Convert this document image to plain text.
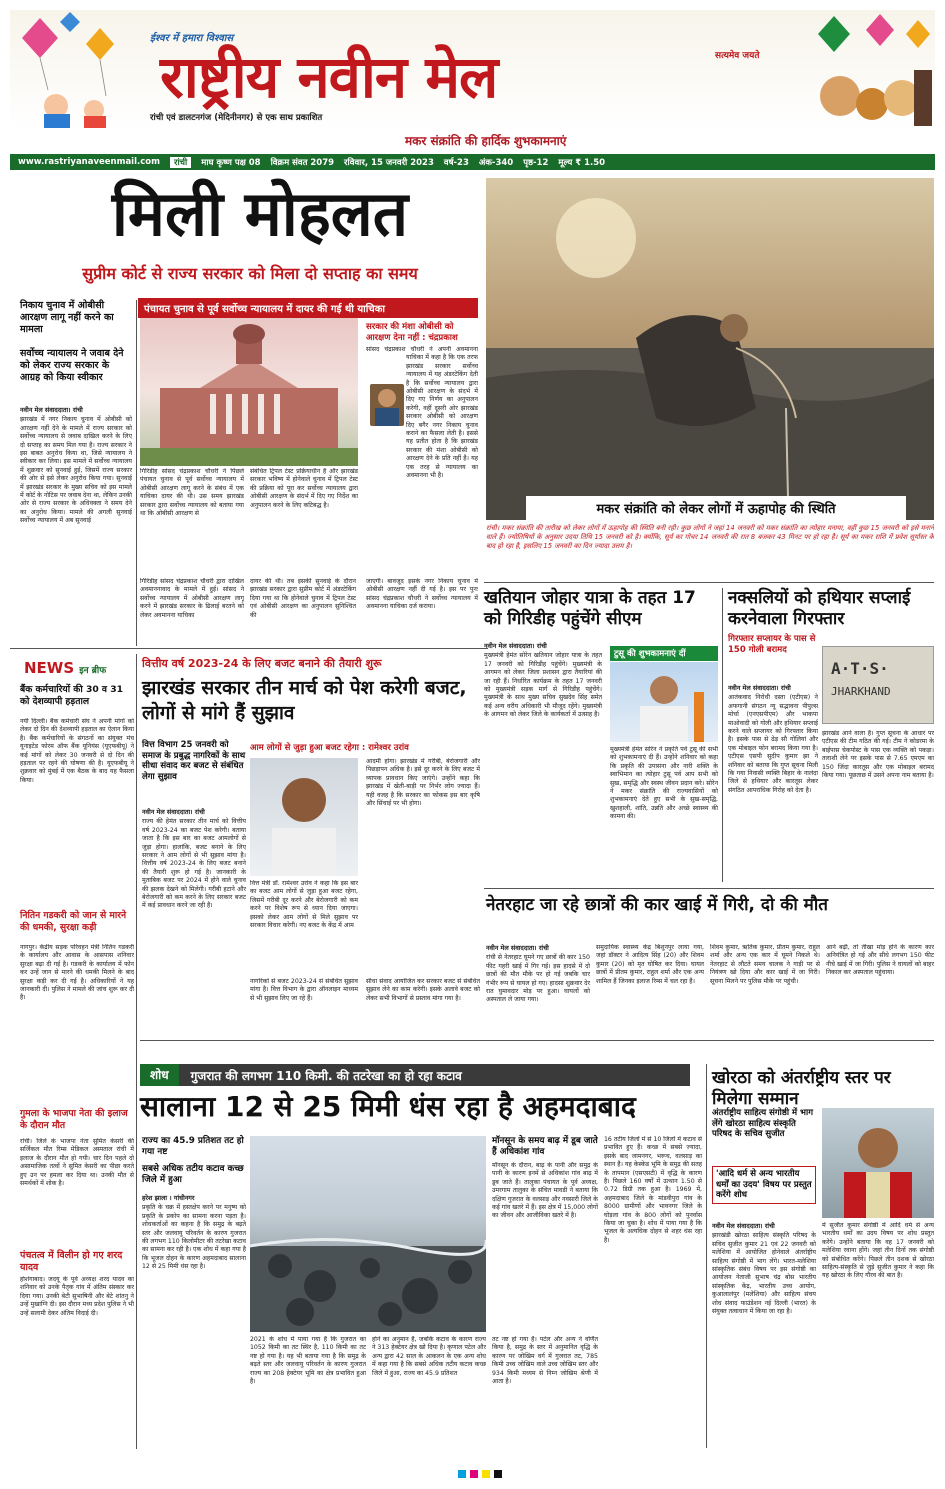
ईश्वर में हमारा विश्वास
राष्ट्रीय नवीन मेल	सत्यमेव जयते
रांची एवं डालटनगंज (मेदिनीनगर) से एक साथ प्रकाशित
मकर संक्रांति की हार्दिक शुभकामनाएं
www.rastriyanaveenmail.com	रांची	माघ कृष्ण पक्ष 08 विक्रम संवत 2079 रविवार, 15 जनवरी 2023 वर्ष-23 अंक-340 पृष्ठ-12 मूल्य ₹ 1.50
मिली मोहलत
सुप्रीम कोर्ट से राज्य सरकार को मिला दो सप्ताह का समय
पंचायत चुनाव से पूर्व सर्वोच्च न्यायालय में दायर की गई थी याचिका
निकाय चुनाव में ओबीसी आरक्षण लागू नहीं करने का मामला
सर्वोच्च न्यायालय ने जवाब देने को लेकर राज्य सरकार के आग्रह को किया स्वीकार
नवीन मेल संवाददाता। रांची
झारखंड में नगर निकाय चुनाव में ओबीसी को आरक्षण नहीं देने के मामले में राज्य सरकार को सर्वोच्च न्यायालय से जवाब दाखिल करने के लिए दो सप्ताह का समय मिल गया है। राज्य सरकार ने इस बाबत अनुरोध किया था, जिसे न्यायालय ने स्वीकार कर लिया। इस मामले में सर्वोच्च न्यायालय में शुक्रवार को सुनवाई हुई, जिसमें राज्य सरकार की ओर से इसे लेकर अनुरोध किया गया। सुनवाई में झारखंड सरकार के मुख्य सचिव को इस मामले में कोर्ट के नोटिस पर जवाब देना था, लेकिन उनकी ओर से राज्य सरकार के अधिवक्ता ने समय देने का अनुरोध किया। मामले की अगली सुनवाई सर्वोच्च न्यायालय में अब सुनवाई
गिरिडीह सांसद चंद्रप्रकाश चौधरी ने पिछले पंचायत चुनाव से पूर्व सर्वोच्च न्यायालय में ओबीसी आरक्षण लागू करने के संबंध में एक याचिका दायर की थी। उस समय झारखंड सरकार द्वारा सर्वोच्च न्यायालय को बताया गया था कि ओबीसी आरक्षण से
संबंधित ट्रिपल टेस्ट प्रक्रियाधीन है और झारखंड सरकार भविष्य में होनेवाले चुनाव में ट्रिपल टेस्ट की प्रक्रिया को पूरा कर सर्वोच्च न्यायालय द्वारा ओबीसी आरक्षण के संदर्भ में दिए गए निर्देश का अनुपालन करने के लिए कटिबद्ध है।
सरकार की मंशा ओबीसी को आरक्षण देना नहीं : चंद्रप्रकाश
सांसद चंद्रप्रकाश चौधरी ने अपनी अवमानना याचिका में कहा है कि एक तरफ झारखंड सरकार सर्वोच्च न्यायालय में यह अंडरटेकिंग देती है कि सर्वोच्च न्यायालय द्वारा ओबीसी आरक्षण के संदर्भ में दिए गए निर्णय का अनुपालन करेगी, वहीं दूसरी ओर झारखंड सरकार ओबीसी को आरक्षण दिए बगैर नगर निकाय चुनाव कराने का फैसला लेती है। इससे यह प्रतीत होता है कि झारखंड सरकार की मंशा ओबीसी को आरक्षण देने के प्रति नहीं है। यह एक तरह से न्यायालय का अवमानना भी है।
गिरिडीह सांसद चंद्रप्रकाश चौधरी द्वारा दाखिल अवमाननावाद के मामले में हुई। सांसद ने सर्वोच्च न्यायालय में ओबीसी आरक्षण लागू करने में झारखंड सरकार के ढिलाई बरतने को लेकर अवमानना याचिका
दायर की थी। तब इसकी सुनवाई के दौरान झारखंड सरकार द्वारा सुप्रीम कोर्ट में अंडरटेकिंग दिया गया था कि होनेवाले चुनाव में ट्रिपल टेस्ट एवं ओबीसी आरक्षण का अनुपालन सुनिश्चित की
जाएगी। बावजूद इसके नगर निकाय चुनाव में ओबीसी आरक्षण नहीं दी गई है। इस पर पुनः सांसद चंद्रप्रकाश चौधरी ने सर्वोच्च न्यायालय में अवमानना याचिका दर्ज कराया।
मकर संक्रांति को लेकर लोगों में ऊहापोह की स्थिति
रांची। मकर संक्रांति की तारीख को लेकर लोगों में ऊहापोह की स्थिति बनी रही। कुछ लोगों ने जहां 14 जनवरी को मकर संक्रांति का त्योहार मनाया, वहीं कुछ 15 जनवरी को इसे मनाने वाले हैं। ज्योतिषियों के अनुसार उदया तिथि 15 जनवरी को है। क्योंकि, सूर्य का गोचर 14 जनवरी की रात 8 बजकर 43 मिनट पर हो रहा है। सूर्य का मकर राशि में प्रवेश सूर्यास्त के बाद हो रहा है, इसलिए 15 जनवरी का दिन ज्यादा उत्तम है।
खतियान जोहार यात्रा के तहत 17 को गिरिडीह पहुंचेंगे सीएम
नवीन मेल संवाददाता। रांची
मुख्यमंत्री हेमंत सोरेन खतियान जोहार यात्रा के तहत 17 जनवरी को गिरिडीह पहुंचेंगे। मुख्यमंत्री के आगमन को लेकर जिला प्रशासन द्वारा तैयारियां की जा रही हैं। निर्धारित कार्यक्रम के तहत 17 जनवरी को मुख्यमंत्री सड़क मार्ग से गिरिडीह पहुंचेंगे। मुख्यमंत्री के साथ मुख्य सचिव सुखदेव सिंह समेत कई अन्य वरीय अधिकारी भी मौजूद रहेंगे। मुख्यमंत्री के आगमन को लेकर जिले के कार्यकर्ता में उत्साह है।
टुसू की शुभकामनाएं दीं
मुख्यमंत्री हेमंत सोरेन ने प्रकृति पर्व टुसू की सभी को शुभकामनाएं दी हैं। उन्होंने शनिवार को कहा कि प्रकृति की उपासना और नारी शक्ति के स्वाभिमान का त्योहार टुसू पर्व आप सभी को सुख, समृद्धि और स्वस्थ जीवन प्रदान करे। सोरेन ने मकर संक्रांति की राज्यवासियों को शुभकामनाएं देते हुए सभी के सुख-समृद्धि, खुशहाली, शांति, उन्नति और अच्छे स्वास्थ्य की कामना की।
नक्सलियों को हथियार सप्लाई करनेवाला गिरफ्तार
गिरफ्तार सप्लायर के पास से 150 गोली बरामद
A·T·S·
JHARKHAND
नवीन मेल संवाददाता। रांची
आतंकवाद निरोधी दस्ता (एटीएस) ने अफगानी संगठन न्यू सद्भावना पीपुल्स मोर्चा (एनएसपीएम) और भाकपा माओवादी को गोली और हथियार सप्लाई करने वाले सप्लायर को गिरफ्तार किया है। इसके पास से ढेड़ सौ गोलियां और एक मोबाइल फोन बरामद किया गया है। एटीएस एसपी सुदीप कुमार झा ने शनिवार को बताया कि गुप्त सूचना मिली कि गया निवासी व्यक्ति बिहार के नालंदा जिले से हथियार और कारतूस लेकर संगठित आपराधिक गिरोह को देता है।
झारखंड आने वाला है। गुप्त सूचना के आधार पर एटीएस की टीम गठित की गई। टीम ने कोडरमा के बाईपास चेकपोस्ट के पास एक व्यक्ति को पकड़ा। तलाशी लेने पर इसके पास से 7.65 एमएम का 150 जिंदा कारतूस और एक मोबाइल बरामद किया गया। पूछताछ में उसने अपना नाम बताया है।
NEWS इन ब्रीफ
बैंक कर्मचारियों की 30 व 31 को देशव्यापी हड़ताल
नयी दिल्ली। बैंक कर्मचारी संघ ने अपनी मांगों को लेकर दो दिन की देशव्यापी हड़ताल का ऐलान किया है। बैंक कर्मचारियों के संगठनों का संयुक्त मंच यूनाइटेड फोरम ऑफ बैंक यूनियंस (यूएफबीयू) ने कई मांगों को लेकर 30 जनवरी से दो दिन की हड़ताल पर रहने की घोषणा की है। यूएफबीयू ने शुक्रवार को मुंबई में एक बैठक के बाद यह फैसला किया।
नितिन गडकरी को जान से मारने की धमकी, सुरक्षा कड़ी
नागपुर। केंद्रीय सड़क परिवहन मंत्री नितिन गडकरी के कार्यालय और आवास के आसपास शनिवार सुरक्षा बढ़ा दी गई है। गडकरी के कार्यालय में फोन कर उन्हें जान से मारने की धमकी मिलने के बाद सुरक्षा कड़ी कर दी गई है। अधिकारियों ने यह जानकारी दी। पुलिस ने मामले की जांच शुरू कर दी है।
गुमला के भाजपा नेता की इलाज के दौरान मौत
रांची। जिले के भाजपा नेता सुमित केसरी की सर्जिकल मौत रिम्स मेडिकल अस्पताल रांची में इलाज के दौरान मौत हो गयी। चार दिन पहले दो असामाजिक तत्वों ने सुमित केसरी का पीछा करते हुए उन पर हमला कर दिया था। उनकी मौत से समर्थकों में शोक है।
पंचतत्व में विलीन हो गए शरद यादव
होशंगाबाद। जदयू के पूर्व अध्यक्ष शरद यादव का शनिवार को उनके पैतृक गांव में अंतिम संस्कार कर दिया गया। उनकी बेटी सुभाषिनी और बेटे शांतनु ने उन्हें मुखाग्नि दी। इस दौरान मध्य प्रदेश पुलिस ने भी उन्हें सलामी देकर अंतिम विदाई दी।
वित्तीय वर्ष 2023-24 के लिए बजट बनाने की तैयारी शुरू
झारखंड सरकार तीन मार्च को पेश करेगी बजट, लोगों से मांगे हैं सुझाव
वित्त विभाग 25 जनवरी को समाज के प्रबुद्ध नागरिकों के साथ सीधा संवाद कर बजट से संबंधित लेगा सुझाव
आम लोगों से जुड़ा हुआ बजट रहेगा : रामेश्वर उरांव
नवीन मेल संवाददाता। रांची
राज्य की हेमंत सरकार तीन मार्च को वित्तीय वर्ष 2023-24 का बजट पेश करेगी। बताया जाता है कि इस बार का बजट आमलोगों से जुड़ा होगा। हालांकि, बजट बनाने के लिए सरकार ने आम लोगों से भी सुझाव मांगा है। वित्तीय वर्ष 2023-24 के लिए बजट बनाने की तैयारी शुरू हो गई है। जानकारी के मुताबिक बजट पर 2024 में होने वाले चुनाव की झलक देखने को मिलेगी। गरीबी हटाने और बेरोजगारी को कम करने के लिए सरकार बजट में कई प्रावधान करने जा रही है।
वित्त मंत्री डॉ. रामेश्वर उरांव ने कहा कि इस बार का बजट आम लोगों से जुड़ा हुआ बजट रहेगा, जिसमें गरीबी दूर करने और बेरोजगारी को कम करने पर विशेष रूप से ध्यान दिया जाएगा। इसको लेकर आम लोगों से मिले सुझाव पर सरकार विचार करेगी। नए बजट के केंद्र में आम
आदमी होगा। झारखंड में गरीबी, बेरोजगारी और पिछड़ापन अधिक है। इसे दूर करने के लिए बजट में व्यापक प्रावधान किए जाएंगे। उन्होंने कहा कि झारखंड में खेती-बाड़ी पर निर्भर लोग ज्यादा हैं। यही वजह है कि सरकार का फोकस इस बार कृषि और सिंचाई पर भी होगा।
नागरिकों से बजट 2023-24 से संबंधित सुझाव मांगा है। वित्त विभाग के द्वारा ऑनलाइन माध्यम से भी सुझाव लिए जा रहे हैं।
सीधा संवाद आयोजित कर सरकार बजट से संबंधित सुझाव लेने का काम करेगी। इसके अलावे बजट को लेकर सभी विभागों से प्रस्ताव मांगा गया है।
नेतरहाट जा रहे छात्रों की कार खाई में गिरी, दो की मौत
नवीन मेल संवाददाता। रांची
रांची से नेतरहाट घूमने गए छात्रों की कार 150 फीट गहरी खाई में गिर गई। इस हादसे में दो छात्रों की मौत मौके पर हो गई जबकि चार गंभीर रूप से घायल हो गए। हादसा शुक्रवार देर रात घुमावदार मोड़ पर हुआ। घायलों को अस्पताल ले जाया गया।
समुदायिक स्वास्थ्य केंद्र बिशुनपुर लाया गया, जहां डॉक्टर ने आदित्य सिंह (20) और शिवम कुमार (20) को मृत घोषित कर दिया। घायल छात्रों में प्रीतम कुमार, राहुल शर्मा और एक अन्य शामिल हैं जिनका इलाज रिम्स में चल रहा है।
शिवम कुमार, ऋतिक कुमार, प्रीतम कुमार, राहुल शर्मा और अन्य एक कार में घूमने निकले थे। नेतरहाट से लौटते समय चालक ने गाड़ी पर से नियंत्रण खो दिया और कार खाई में जा गिरी। सूचना मिलने पर पुलिस मौके पर पहुंची।
आने बढ़ी, तो तीखा मोड़ होने के कारण कार अनियंत्रित हो गई और सीधे लगभग 150 फीट नीचे खाई में जा गिरी। पुलिस ने घायलों को बाहर निकाल कर अस्पताल पहुंचाया।
शोध	गुजरात की लगभग 110 किमी. की तटरेखा का हो रहा कटाव
सालाना 12 से 25 मिमी धंस रहा है अहमदाबाद
राज्य का 45.9 प्रतिशत तट हो गया नष्ट
सबसे अधिक तटीय कटाव कच्छ जिले में हुआ
हरेश झाला । गांधीनगर
प्रकृति के चक्र में हस्तक्षेप करने पर मनुष्य को प्रकृति के प्रकोप का सामना करना पड़ता है। शोधकर्ताओं का कहना है कि समुद्र के बढ़ते स्तर और जलवायु परिवर्तन के कारण गुजरात की लगभग 110 किलोमीटर की तटरेखा कटाव का सामना कर रही है। एक शोध में कहा गया है कि भूजल दोहन के कारण अहमदाबाद सालाना 12 से 25 मिमी धंस रहा है।
2021 के शोध में पाया गया है कि गुजरात का 1052 किमी का तट स्थिर है, 110 किमी का तट नष्ट हो गया है। यह भी बताया गया है कि समुद्र के बढ़ते स्तर और जलवायु परिवर्तन के कारण गुजरात राज्य का 208 हेक्टेयर भूमि का क्षेत्र प्रभावित हुआ है।
होने का अनुमान है, जबकि कटाव के कारण राज्य ने 313 हेक्टेयर क्षेत्र खो दिया है। कृणाल पटेल और अन्य द्वारा 42 साल के आकलन के एक अन्य शोध में कहा गया है कि सबसे अधिक तटीय कटाव कच्छ जिले में हुआ, राज्य का 45.9 प्रतिशत
मॉनसून के समय बाढ़ में डूब जाते हैं अधिकांश गांव
मॉनसून के दौरान, बाढ़ के पानी और समुद्र के पानी के कारण इनमें से अधिकांश गांव बाढ़ में डूब जाते हैं। तालुका पंचायत के पूर्व अध्यक्ष, उमरगाम तालुका के संचित मावडी ने बताया कि दक्षिण गुजरात के वलसाड़ और नवसारी जिले के कई गांव खतरे में हैं। इस क्षेत्र में 15,000 लोगों का जीवन और आजीविका खतरे में है।
तट नष्ट हो गया है। पटेल और अन्य ने वर्णित किया है, समुद्र के स्तर में अनुमानित वृद्धि के कारण पर जोखिम वर्ग में गुजरात तट, 785 किमी उच्च जोखिम वाले उच्च जोखिम स्तर और 934 किमी मध्यम से निम्न जोखिम श्रेणी में आता है।
16 तटीय जिलों में से 10 जिलों में कटाव से प्रभावित हुए हैं। कच्छ में सबसे ज्यादा, इसके बाद जामनगर, भरूच, वलसाड़ का स्थान है। यह केस्केड भूमि के समुद्र की सतह के तापमान (एसएसटी) में वृद्धि के कारण है। पिछले 160 वर्षों में उत्थान 1.50 से 0.72 डिग्री तक हुआ है। 1969 में, अहमदाबाद जिले के मांडवीपुरा गांव के 8000 ग्रामीणों और भावनगर जिले के घोड़ला गांव के 800 लोगों को पुनर्वास किया जा चुका है। शोध में पाया गया है कि भूजल के अत्यधिक दोहन से शहर धंस रहा है।
खोरठा को अंतर्राष्ट्रीय स्तर पर मिलेगा सम्मान
अंतर्राष्ट्रीय साहित्य संगोष्ठी में भाग लेंगे खोरठा साहित्य संस्कृति परिषद के सचिव सुजीत
'आदि धर्म से अन्य भारतीय धर्मों का उदय' विषय पर प्रस्तुत करेंगे शोध
नवीन मेल संवाददाता। रांची
झारखंडी खोरठा साहित्य संस्कृति परिषद के सचिव सुजीत कुमार 21 एवं 22 जनवरी को मलेशिया में आयोजित होनेवाले अंतर्राष्ट्रीय साहित्य संगोष्ठी में भाग लेंगे। भारत-मलेशिया सांस्कृतिक संबंध विषय पर इस संगोष्ठी का आयोजन नेताजी सुभाष चंद्र बोस भारतीय सांस्कृतिक केंद्र, भारतीय उच्च आयोग, कुआलालंपुर (मलेशिया) और साहित्य संचय शोध संवाद फाउंडेशन नई दिल्ली (भारत) के संयुक्त तत्वाधान में किया जा रहा है।
में सुजीत कुमार संगोष्ठी में आदि धर्म से अन्य भारतीय धर्मों का उदय विषय पर शोध प्रस्तुत करेंगे। उन्होंने बताया कि वह 17 जनवरी को मलेशिया रवाना होंगे। जहां तीन दिनों तक संगोष्ठी को संबोधित करेंगे। पिछले तीन दशक से खोरठा साहित्य-संस्कृति से जुड़े सुजीत कुमार ने कहा कि यह खोरठा के लिए गौरव की बात है।
